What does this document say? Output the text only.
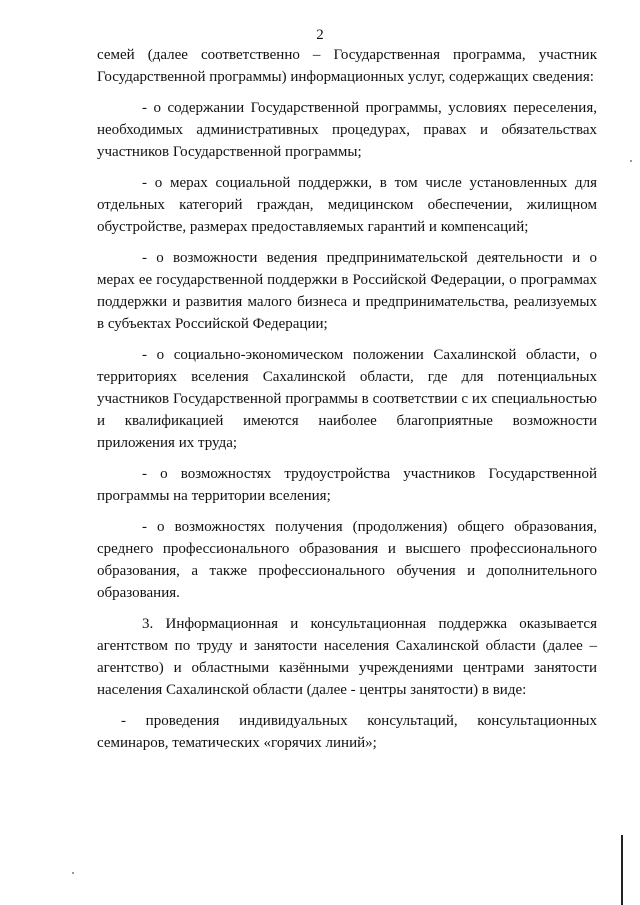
2

семей (далее соответственно – Государственная программа, участник Государственной программы) информационных услуг, содержащих сведения:

- о содержании Государственной программы, условиях переселения, необходимых административных процедурах, правах и обязательствах участников Государственной программы;

- о мерах социальной поддержки, в том числе установленных для отдельных категорий граждан, медицинском обеспечении, жилищном обустройстве, размерах предоставляемых гарантий и компенсаций;

- о возможности ведения предпринимательской деятельности и о мерах ее государственной поддержки в Российской Федерации, о программах поддержки и развития малого бизнеса и предпринимательства, реализуемых в субъектах Российской Федерации;

- о социально-экономическом положении Сахалинской области, о территориях вселения Сахалинской области, где для потенциальных участников Государственной программы в соответствии с их специальностью и квалификацией имеются наиболее благоприятные возможности приложения их труда;

- о возможностях трудоустройства участников Государственной программы на территории вселения;

- о возможностях получения (продолжения) общего образования, среднего профессионального образования и высшего профессионального образования, а также профессионального обучения и дополнительного образования.

3. Информационная и консультационная поддержка оказывается агентством по труду и занятости населения Сахалинской области (далее – агентство) и областными казёнными учреждениями центрами занятости населения Сахалинской области (далее - центры занятости) в виде:

- проведения индивидуальных консультаций, консультационных семинаров, тематических «горячих линий»;
